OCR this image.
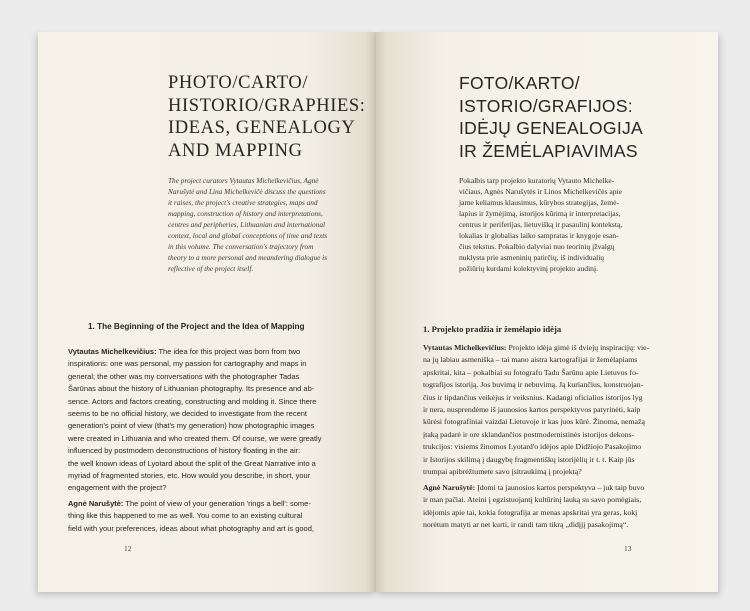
PHOTO/CARTO/
HISTORIO/GRAPHIES:
IDEAS, GENEALOGY
AND MAPPING
The project curators Vytautas Michelkevičius, Agnė
Narušytė and Lina Michelkevičė discuss the questions
it raises, the project's creative strategies, maps and
mapping, construction of history and interpretations,
centres and peripheries, Lithuanian and international
context, local and global conceptions of time and texts
in this volume. The conversation's trajectory from
theory to a more personal and meandering dialogue is
reflective of the project itself.
1. The Beginning of the Project and the Idea of Mapping
Vytautas Michelkevičius: The idea for this project was born from two
inspirations: one was personal, my passion for cartography and maps in
general; the other was my conversations with the photographer Tadas
Šarūnas about the history of Lithuanian photography. Its presence and ab-
sence. Actors and factors creating, constructing and molding it. Since there
seems to be no official history, we decided to investigate from the recent
generation's point of view (that's my generation) how photographic images
were created in Lithuania and who created them. Of course, we were greatly
influenced by postmodern deconstructions of history floating in the air:
the well known ideas of Lyotard about the split of the Great Narrative into a
myriad of fragmented stories, etc. How would you describe, in short, your
engagement with the project?
Agnė Narušytė: The point of view of your generation 'rings a bell': some-
thing like this happened to me as well. You come to an existing cultural
field with your preferences, ideas about what photography and art is good,
12
FOTO/KARTO/
ISTORIO/GRAFIJOS:
IDĖJŲ GENEALOGIJA
IR ŽEMĖLAPIAVIMAS
Pokalbis tarp projekto kuratorių Vytauto Michelke-
vičiaus, Agnės Narušytės ir Linos Michelkevičės apie
jame keliamus klausimus, kūrybos strategijas, žemė-
lapius ir žymėjimą, istorijos kūrimą ir interpretacijas,
centrus ir periferijas, lietuvišką ir pasaulinį kontekstą,
lokalias ir globalias laiko sampratas ir knygoje esan-
čius tekstus. Pokalbio dalyviai nuo teorinių įžvalgų
nuklysta prie asmeninių patirčių, iš individualių
požiūrių kurdami kolektyvinį projekto audinį.
1. Projekto pradžia ir žemėlapio idėja
Vytautas Michelkevičius: Projekto idėja gimė iš dviejų inspiracijų: vie-
na jų labiau asmeniška – tai mano aistra kartografijai ir žemėlapiams
apskritai, kita – pokalbiai su fotografu Tadu Šarūnu apie Lietuvos fo-
tografijos istoriją. Jos buvimą ir nebuvimą. Ją kuriančius, konstruojan-
čius ir lipdančius veikėjus ir veiksnius. Kadangi oficialios istorijos lyg
ir nera, nusprendėme iš jaunosios kartos perspektyvos patyrinėti, kaip
kūrėsi fotografiniai vaizdai Lietuvoje ir kas juos kūrė. Žinoma, nemažą
įtaką padarė ir ore sklandančios postmodernistinės istorijos dekons-
trukcijos: visiems žinomos Lyotard'o idėjos apie Didžiojo Pasakojimo
ir Istorijos skilimą į daugybę fragmentiškų istorijėlių ir t. t. Kaip jūs
trumpai apibrėžtumete savo įsitraukimą į projektą?
Agnė Narušytė: Įdomi ta jaunosios kartos perspektyva – juk taip buvo
ir man pačiai. Ateini į egzistuojantį kultūrinį lauką su savo pomėgiais,
idėjomis apie tai, kokia fotografija ar menas apskritai yra geras, kokį
norėtum matyti ar net kurti, ir randi tam tikrą „didįjį pasakojimą“.
13
